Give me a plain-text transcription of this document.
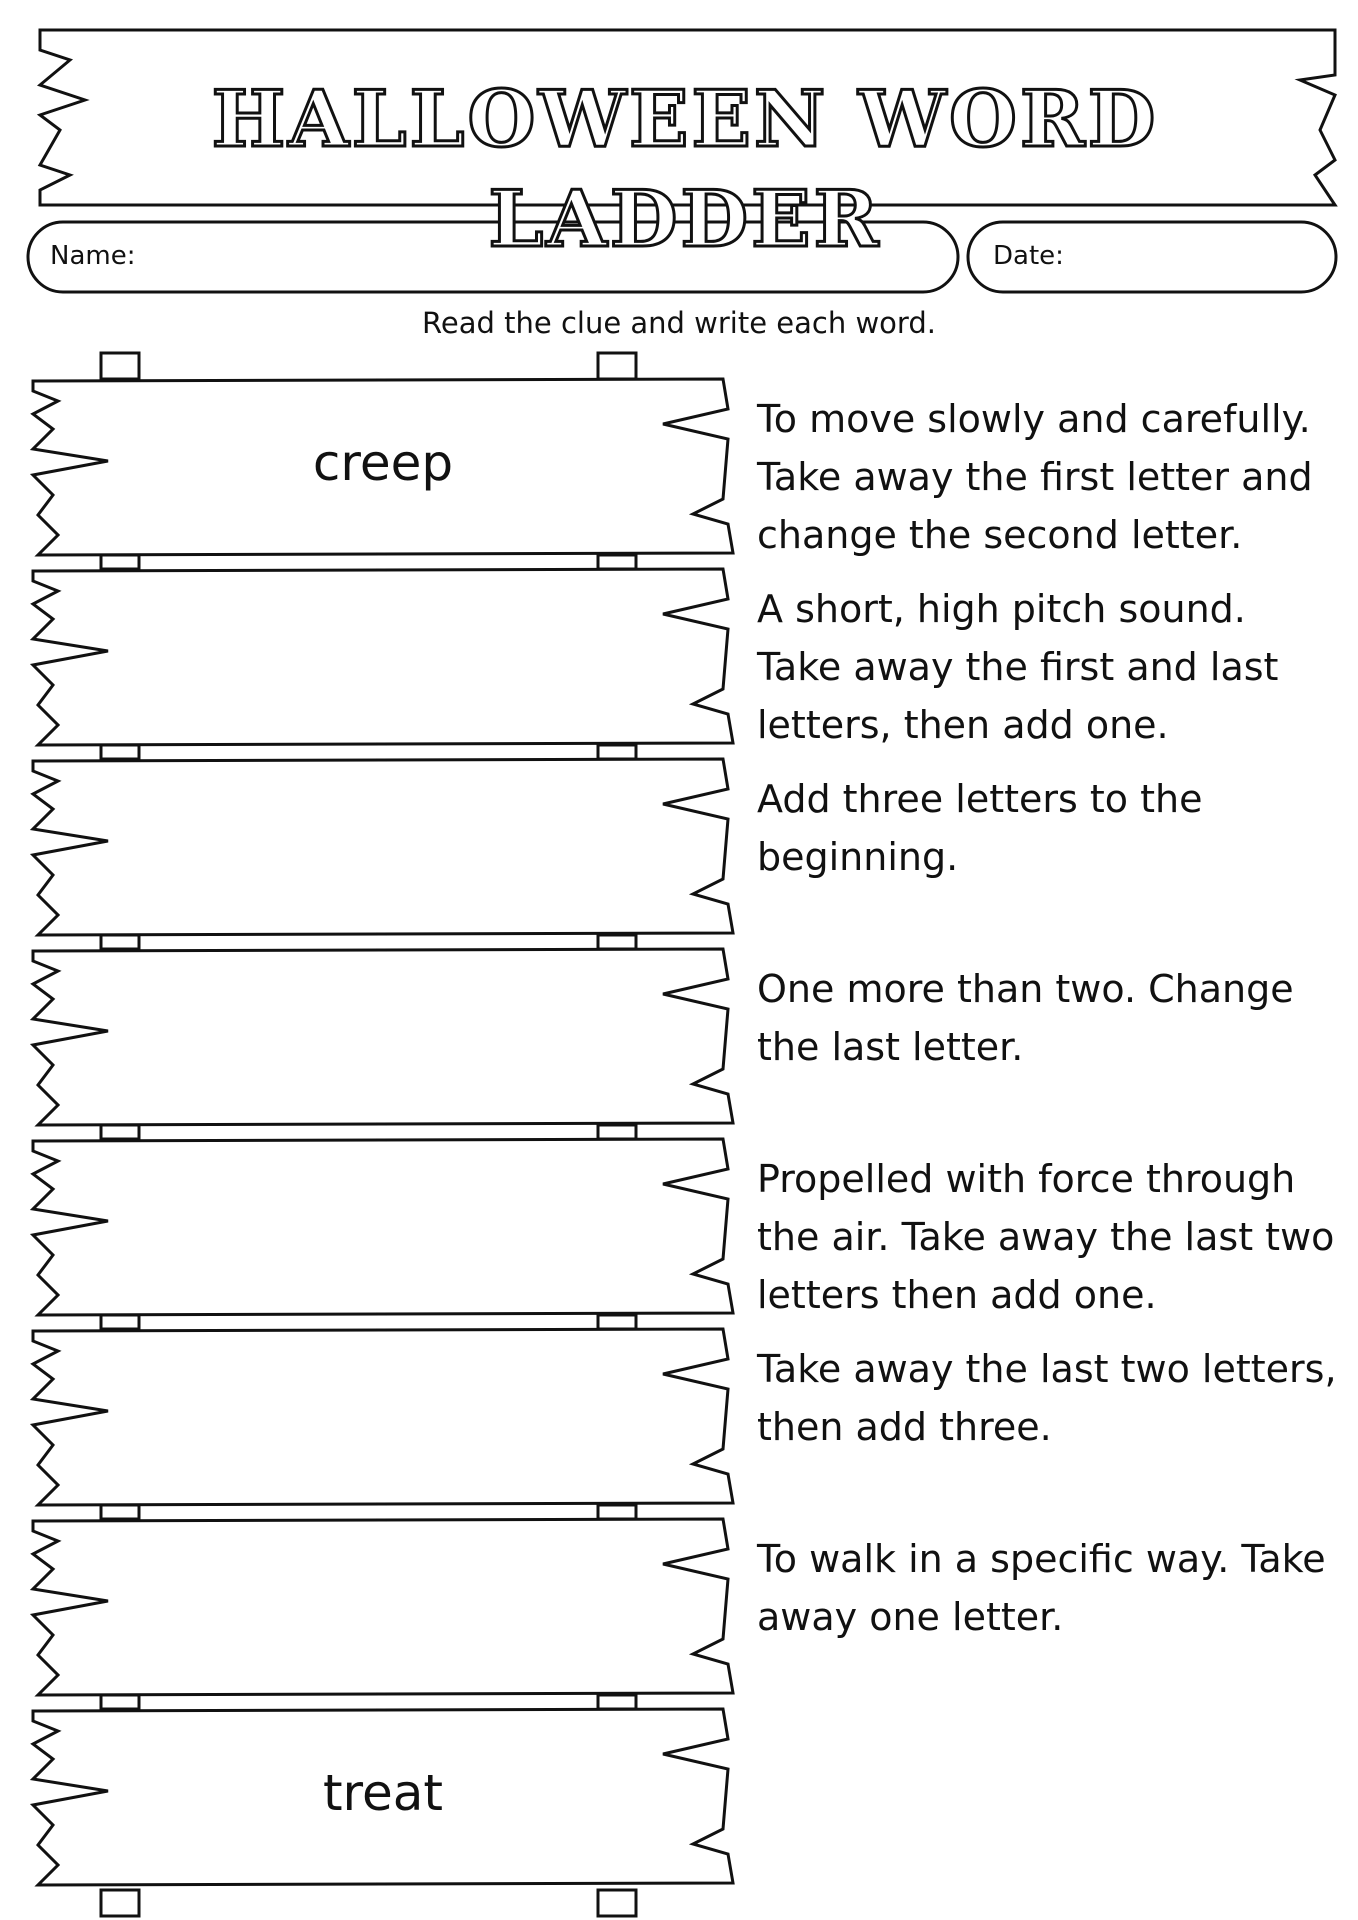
HALLOWEEN WORD LADDER
Name:	Date:
Read the clue and write each word.
creep
treat
To move slowly and carefully. Take away the first letter and change the second letter.
A short, high pitch sound. Take away the first and last letters, then add one.
Add three letters to the beginning.
One more than two. Change the last letter.
Propelled with force through the air. Take away the last two letters then add one.
Take away the last two letters, then add three.
To walk in a specific way. Take away one letter.
